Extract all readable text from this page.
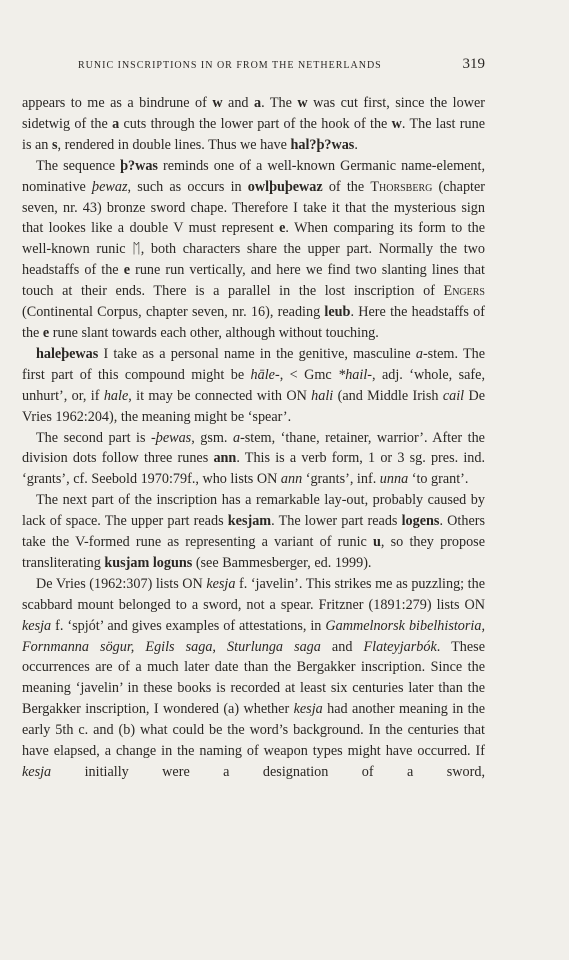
RUNIC INSCRIPTIONS IN OR FROM THE NETHERLANDS	319

appears to me as a bindrune of w and a. The w was cut first, since the lower sidetwig of the a cuts through the lower part of the hook of the w. The last rune is an s, rendered in double lines. Thus we have hal?þ?was.

The sequence þ?was reminds one of a well-known Germanic name-element, nominative þewaz, such as occurs in owlþuþewaz of the Thorsberg (chapter seven, nr. 43) bronze sword chape. Therefore I take it that the mysterious sign that lookes like a double V must represent e. When comparing its form to the well-known runic ᛖ, both characters share the upper part. Normally the two headstaffs of the e rune run vertically, and here we find two slanting lines that touch at their ends. There is a parallel in the lost inscription of Engers (Continental Corpus, chapter seven, nr. 16), reading leub. Here the headstaffs of the e rune slant towards each other, although without touching.

haleþewas I take as a personal name in the genitive, masculine a-stem. The first part of this compound might be hāle-, < Gmc *hail-, adj. ‘whole, safe, unhurt’, or, if hale, it may be connected with ON hali (and Middle Irish cail De Vries 1962:204), the meaning might be ‘spear’.

The second part is -þewas, gsm. a-stem, ‘thane, retainer, warrior’. After the division dots follow three runes ann. This is a verb form, 1 or 3 sg. pres. ind. ‘grants’, cf. Seebold 1970:79f., who lists ON ann ‘grants’, inf. unna ‘to grant’.

The next part of the inscription has a remarkable lay-out, probably caused by lack of space. The upper part reads kesjam. The lower part reads logens. Others take the V-formed rune as representing a variant of runic u, so they propose transliterating kusjam loguns (see Bammesberger, ed. 1999).

De Vries (1962:307) lists ON kesja f. ‘javelin’. This strikes me as puzzling; the scabbard mount belonged to a sword, not a spear. Fritzner (1891:279) lists ON kesja f. ‘spjót’ and gives examples of attestations, in Gammelnorsk bibelhistoria, Fornmanna sögur, Egils saga, Sturlunga saga and Flateyjarbók. These occurrences are of a much later date than the Bergakker inscription. Since the meaning ‘javelin’ in these books is recorded at least six centuries later than the Bergakker inscription, I wondered (a) whether kesja had another meaning in the early 5th c. and (b) what could be the word’s background. In the centuries that have elapsed, a change in the naming of weapon types might have occurred. If kesja initially were a designation of a sword,
